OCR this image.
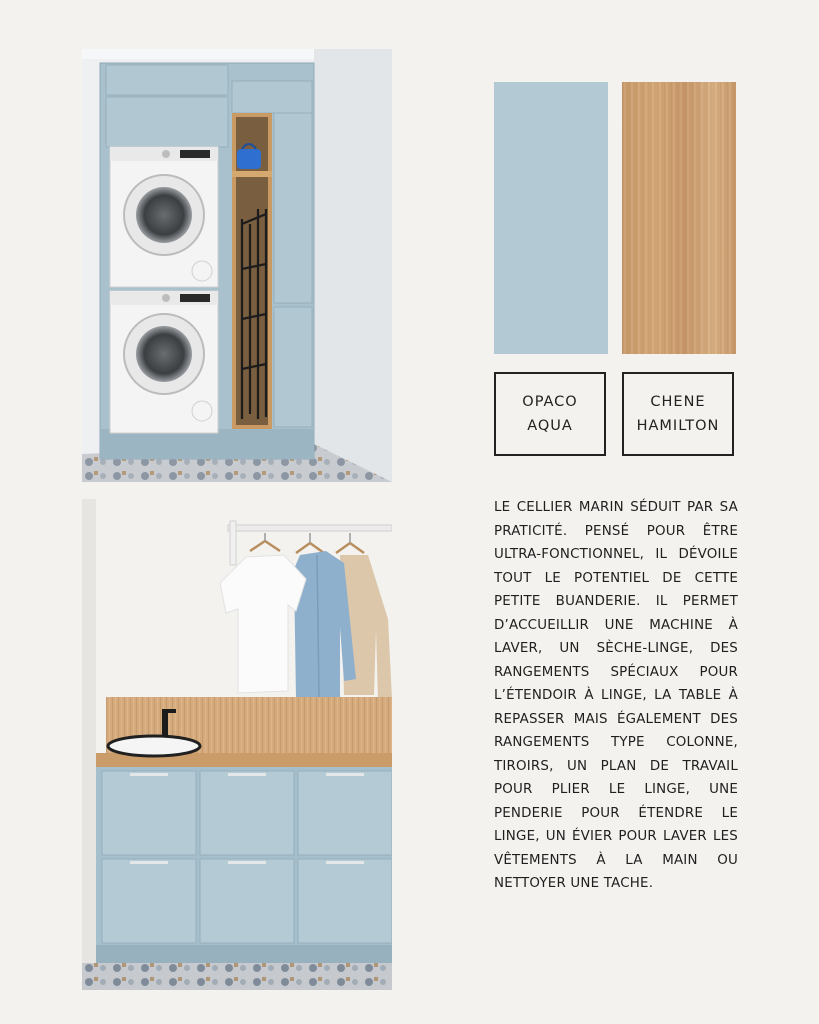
OPACO
AQUA
CHENE
HAMILTON

LE CELLIER MARIN SÉDUIT PAR SA PRATICITÉ. PENSÉ POUR ÊTRE ULTRA-FONCTIONNEL, IL DÉVOILE TOUT LE POTENTIEL DE CETTE PETITE BUANDERIE. IL PERMET D’ACCUEILLIR UNE MACHINE À LAVER, UN SÈCHE-LINGE, DES RANGEMENTS SPÉCIAUX POUR L’ÉTENDOIR À LINGE, LA TABLE À REPASSER MAIS ÉGALEMENT DES RANGEMENTS TYPE COLONNE, TIROIRS, UN PLAN DE TRAVAIL POUR PLIER LE LINGE, UNE PENDERIE POUR ÉTENDRE LE LINGE, UN ÉVIER POUR LAVER LES VÊTEMENTS À LA MAIN OU NETTOYER UNE TACHE.
